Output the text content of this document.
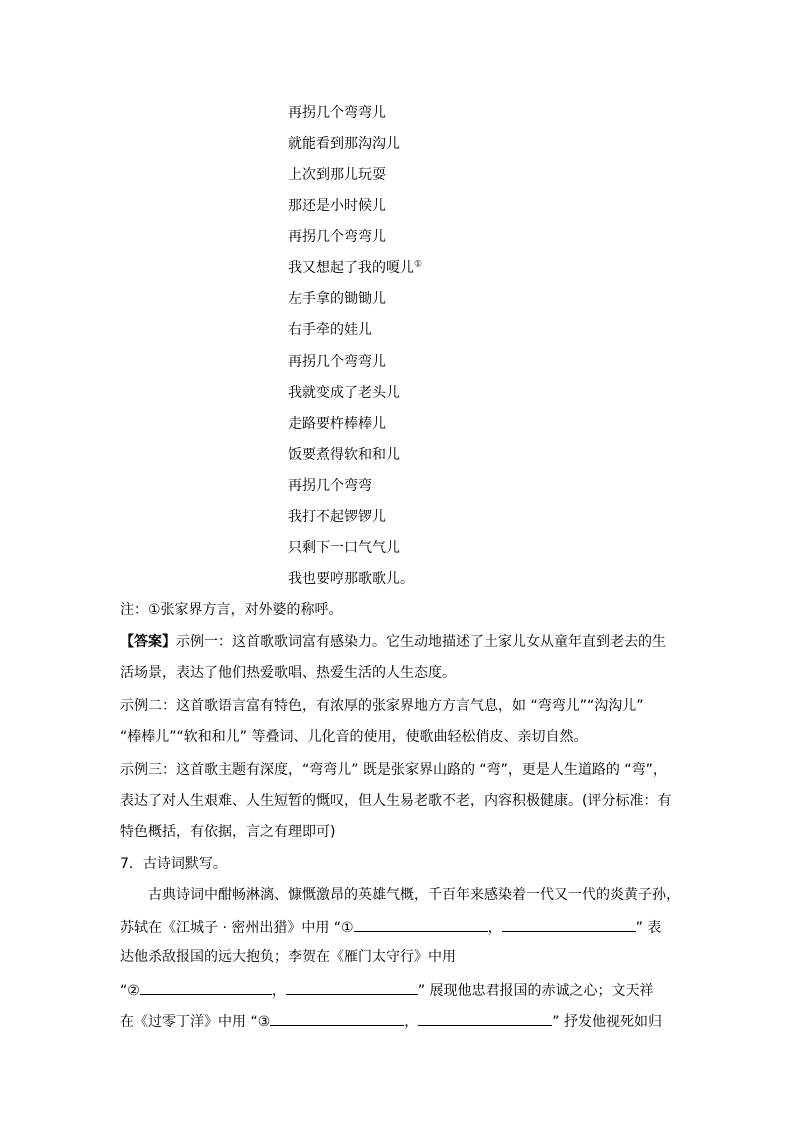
再拐几个弯弯儿
就能看到那沟沟儿
上次到那儿玩耍
那还是小时候儿
再拐几个弯弯儿
我又想起了我的嗄儿①
左手拿的锄锄儿
右手牵的娃儿
再拐几个弯弯儿
我就变成了老头儿
走路要杵棒棒儿
饭要煮得软和和儿
再拐几个弯弯
我打不起锣锣儿
只剩下一口气气儿
我也要哼那歌歌儿。
注：①张家界方言，对外婆的称呼。
【答案】示例一：这首歌歌词富有感染力。它生动地描述了土家儿女从童年直到老去的生
活场景，表达了他们热爱歌唱、热爱生活的人生态度。
示例二：这首歌语言富有特色，有浓厚的张家界地方方言气息，如 “弯弯儿”“沟沟儿”
“棒棒儿”“软和和儿” 等叠词、儿化音的使用，使歌曲轻松俏皮、亲切自然。
示例三：这首歌主题有深度，“弯弯儿” 既是张家界山路的 “弯”，更是人生道路的 “弯”，
表达了对人生艰难、人生短暂的慨叹，但人生易老歌不老，内容积极健康。(评分标准：有
特色概括，有依据，言之有理即可)
7．古诗词默写。
古典诗词中酣畅淋漓、慷慨激昂的英雄气概，千百年来感染着一代又一代的炎黄子孙，
苏轼在《江城子 · 密州出猎》中用 “①	，	” 表
达他杀敌报国的远大抱负；李贺在《雁门太守行》中用
“②	，	” 展现他忠君报国的赤诚之心；文天祥
在《过零丁洋》中用 “③	，	” 抒发他视死如归
